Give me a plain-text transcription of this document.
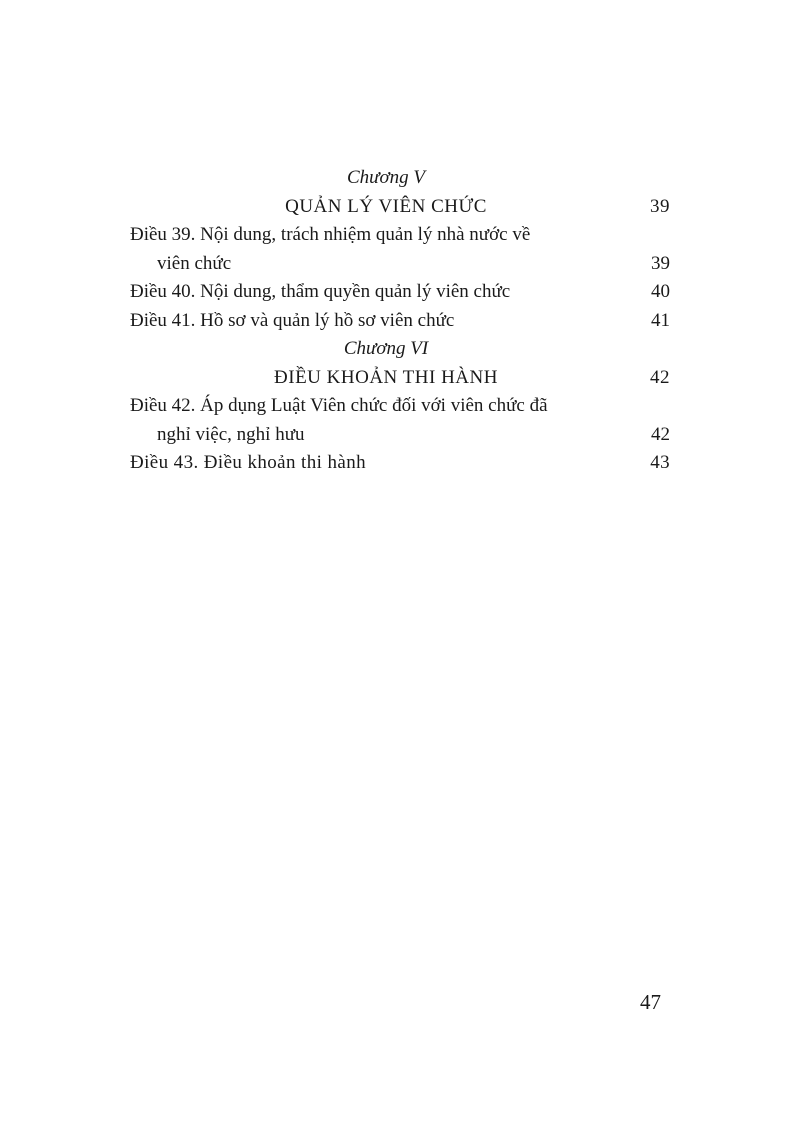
Chương V
QUẢN LÝ VIÊN CHỨC	39
Điều 39. Nội dung, trách nhiệm quản lý nhà nước về
viên chức	39
Điều 40. Nội dung, thẩm quyền quản lý viên chức	40
Điều 41. Hồ sơ và quản lý hồ sơ viên chức	41
Chương VI
ĐIỀU KHOẢN THI HÀNH	42
Điều 42. Áp dụng Luật Viên chức đối với viên chức đã
nghỉ việc, nghỉ hưu	42
Điều 43. Điều khoản thi hành	43
47
